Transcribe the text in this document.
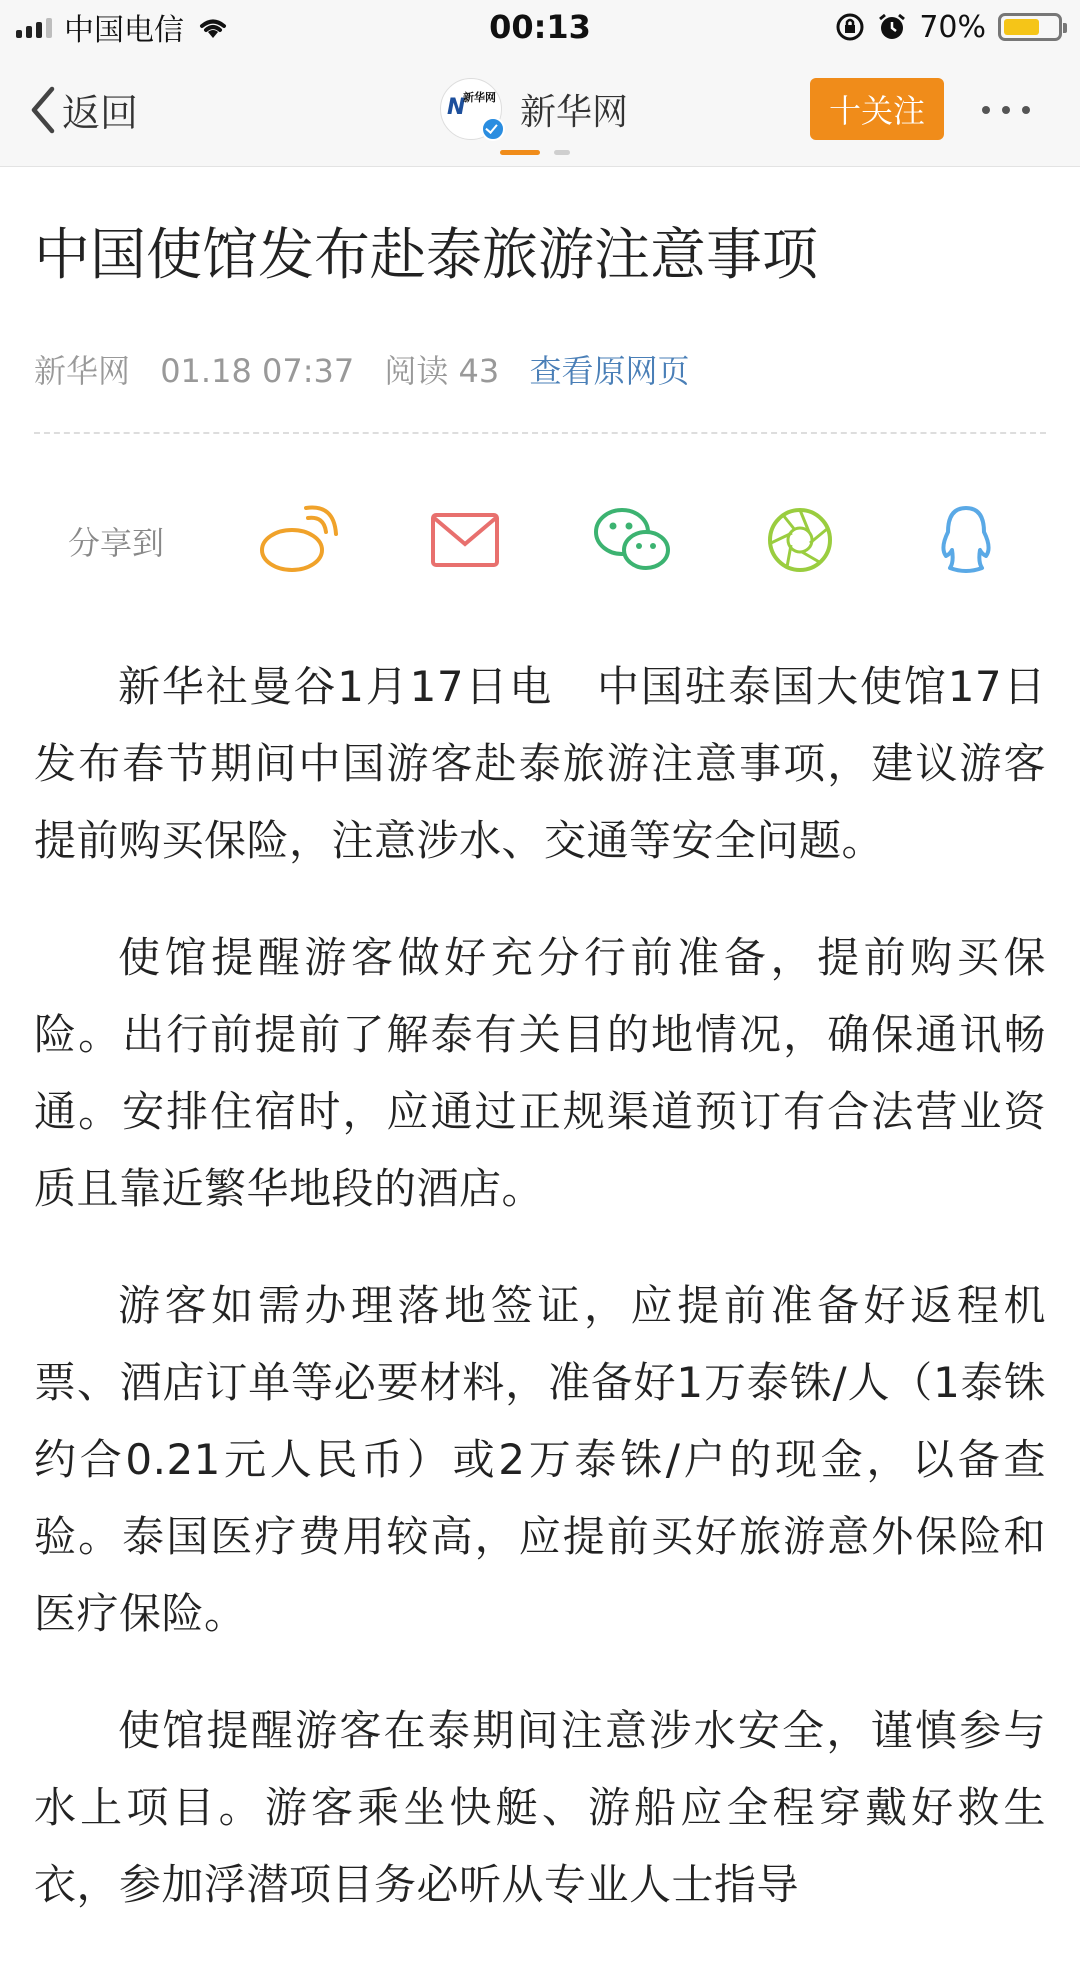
中国电信	00:13	70%
返回	N
新华网 新华网	十关注
中国使馆发布赴泰旅游注意事项
新华网 01.18 07:37 阅读 43 查看原网页
分享到

新华社曼谷1月17日电　中国驻泰国大使馆17日发布春节期间中国游客赴泰旅游注意事项，建议游客提前购买保险，注意涉水、交通等安全问题。

使馆提醒游客做好充分行前准备，提前购买保险。出行前提前了解泰有关目的地情况，确保通讯畅通。安排住宿时，应通过正规渠道预订有合法营业资质且靠近繁华地段的酒店。

游客如需办理落地签证，应提前准备好返程机票、酒店订单等必要材料，准备好1万泰铢/人（1泰铢约合0.21元人民币）或2万泰铢/户的现金，以备查验。泰国医疗费用较高，应提前买好旅游意外保险和医疗保险。

使馆提醒游客在泰期间注意涉水安全，谨慎参与水上项目。游客乘坐快艇、游船应全程穿戴好救生衣，参加浮潜项目务必听从专业人士指导
